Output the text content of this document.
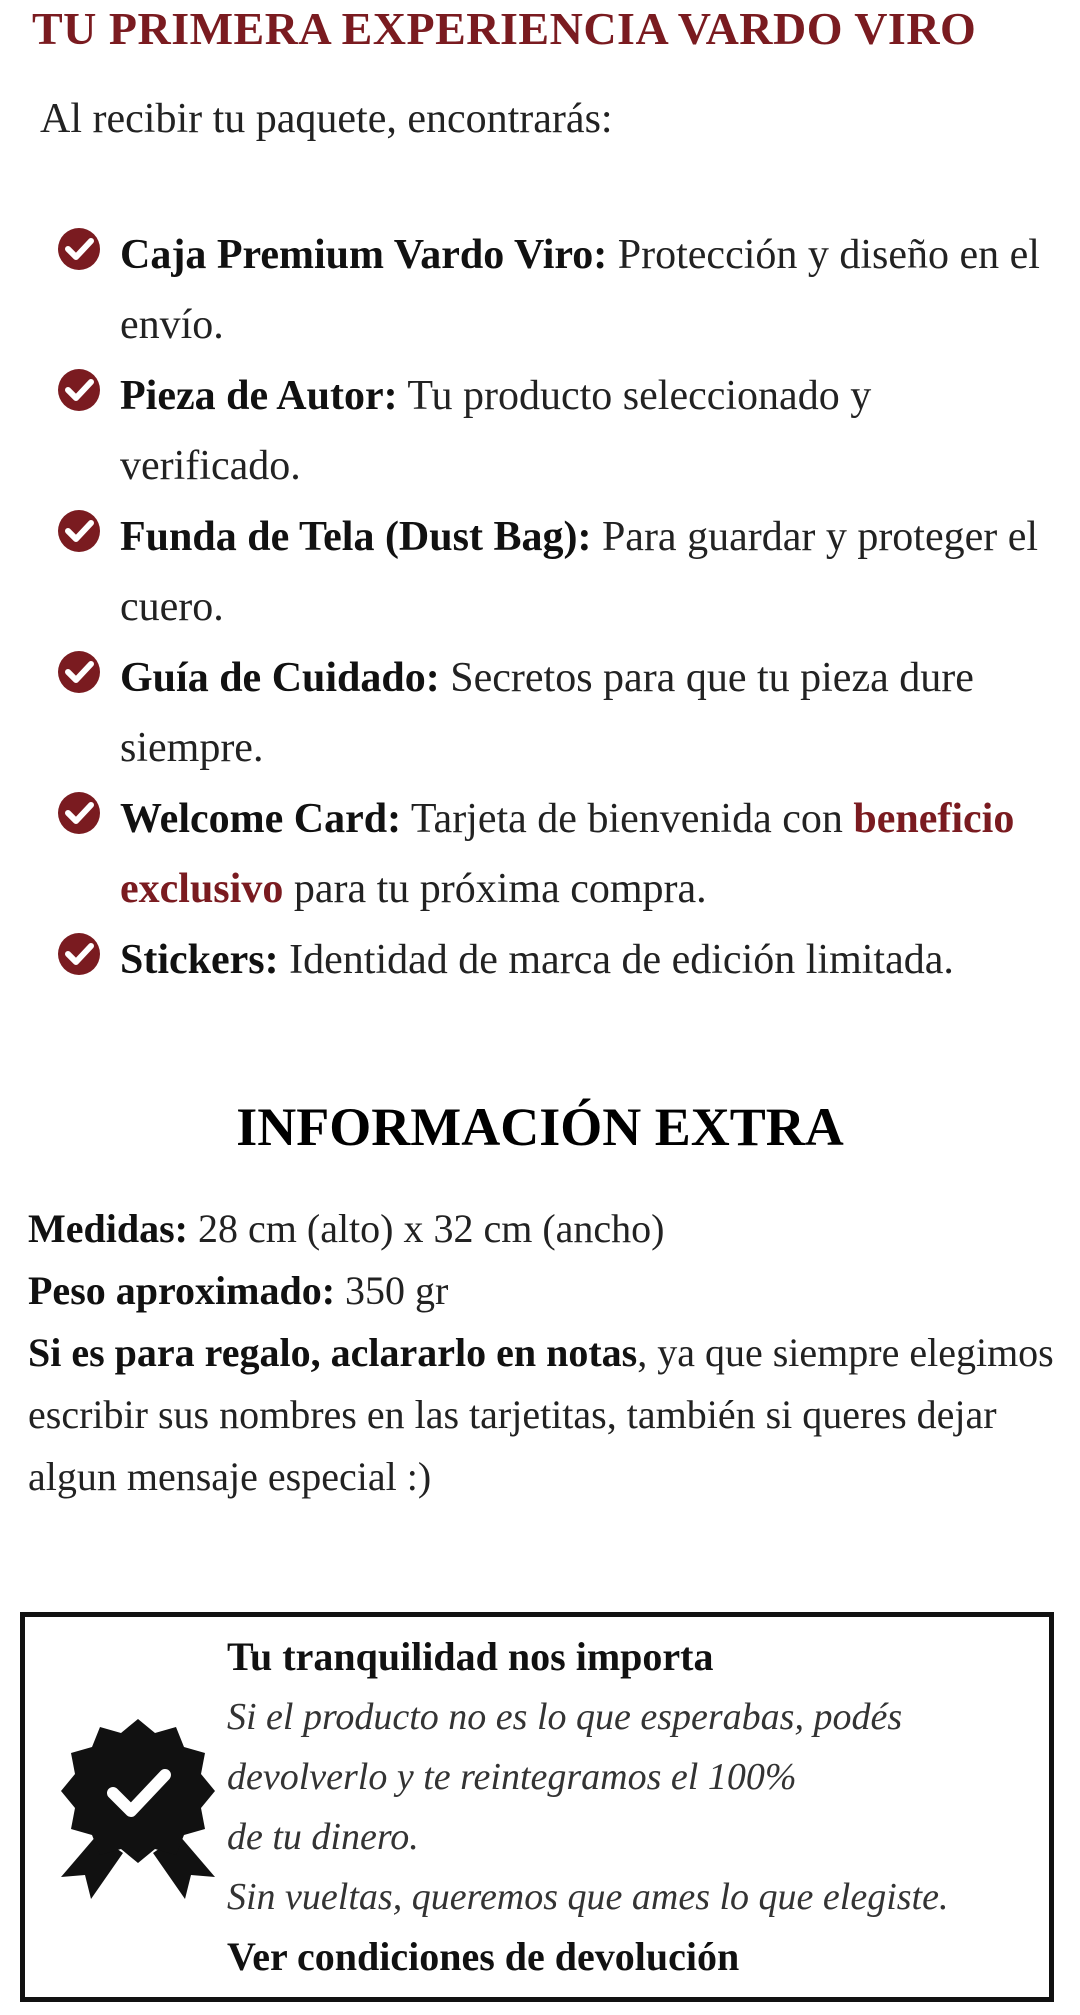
TU PRIMERA EXPERIENCIA VARDO VIRO
Al recibir tu paquete, encontrarás:
Caja Premium Vardo Viro: Protección y diseño en el envío.
Pieza de Autor: Tu producto seleccionado y verificado.
Funda de Tela (Dust Bag): Para guardar y proteger el cuero.
Guía de Cuidado: Secretos para que tu pieza dure siempre.
Welcome Card: Tarjeta de bienvenida con beneficio exclusivo para tu próxima compra.
Stickers: Identidad de marca de edición limitada.
INFORMACIÓN EXTRA

Medidas: 28 cm (alto) x 32 cm (ancho)

Peso aproximado: 350 gr

Si es para regalo, aclararlo en notas, ya que siempre elegimos escribir sus nombres en las tarjetitas, también si queres dejar algun mensaje especial :)

Tu tranquilidad nos importa

Si el producto no es lo que esperabas, podés

devolverlo y te reintegramos el 100%

de tu dinero.

Sin vueltas, queremos que ames lo que elegiste.

Ver condiciones de devolución
